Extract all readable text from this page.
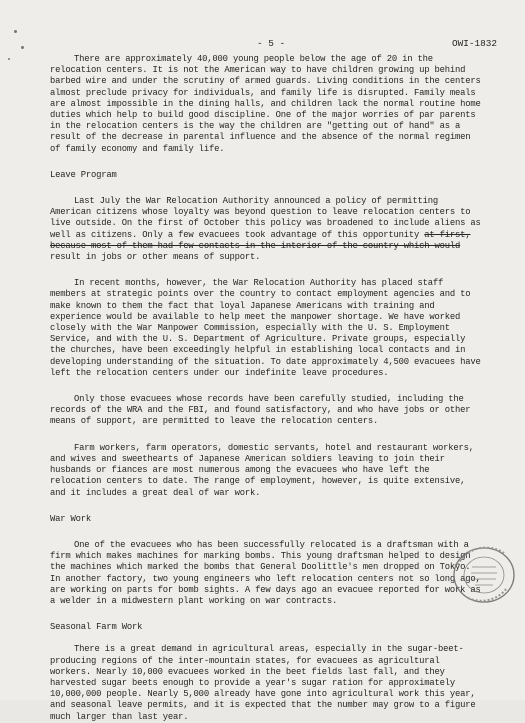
- 5 -	OWI-1832

There are approximately 40,000 young people below the age of 20 in the relocation centers. It is not the American way to have children growing up behind barbed wire and under the scrutiny of armed guards. Living conditions in the centers almost preclude privacy for individuals, and family life is disrupted. Family meals are almost impossible in the dining halls, and children lack the normal routine home duties which help to build good discipline. One of the major worries of par parents in the relocation centers is the way the children are "getting out of hand" as a result of the decrease in parental influence and the absence of the normal regimen of family economy and family life.

Leave Program

Last July the War Relocation Authority announced a policy of permitting American citizens whose loyalty was beyond question to leave relocation centers to live outside. On the first of October this policy was broadened to include aliens as well as citizens. Only a few evacuees took advantage of this opportunity at first, because most of them had few contacts in the interior of the country which would result in jobs or other means of support.

In recent months, however, the War Relocation Authority has placed staff members at strategic points over the country to contact employment agencies and to make known to them the fact that loyal Japanese Americans with training and experience would be available to help meet the manpower shortage. We have worked closely with the War Manpower Commission, especially with the U. S. Employment Service, and with the U. S. Department of Agriculture. Private groups, especially the churches, have been exceedingly helpful in establishing local contacts and in developing understanding of the situation. To date approximately 4,500 evacuees have left the relocation centers under our indefinite leave procedures.

Only those evacuees whose records have been carefully studied, including the records of the WRA and the FBI, and found satisfactory, and who have jobs or other means of support, are permitted to leave the relocation centers.

Farm workers, farm operators, domestic servants, hotel and restaurant workers, and wives and sweethearts of Japanese American soldiers leaving to join their husbands or fiances are most numerous among the evacuees who have left the relocation centers to date. The range of employment, however, is quite extensive, and it includes a great deal of war work.

War Work

One of the evacuees who has been successfully relocated is a draftsman with a firm which makes machines for marking bombs. This young draftsman helped to design the machines which marked the bombs that General Doolittle's men dropped on Tokyo. In another factory, two young engineers who left relocation centers not so long ago, are working on parts for bomb sights. A few days ago an evacuee reported for work as a welder in a midwestern plant working on war contracts.

Seasonal Farm Work

There is a great demand in agricultural areas, especially in the sugar-beet-producing regions of the inter-mountain states, for evacuees as agricultural workers. Nearly 10,000 evacuees worked in the beet fields last fall, and they harvested sugar beets enough to provide a year's sugar ration for approximately 10,000,000 people. Nearly 5,000 already have gone into agricultural work this year, and seasonal leave permits, and it is expected that the number may grow to a figure much larger than last year.
